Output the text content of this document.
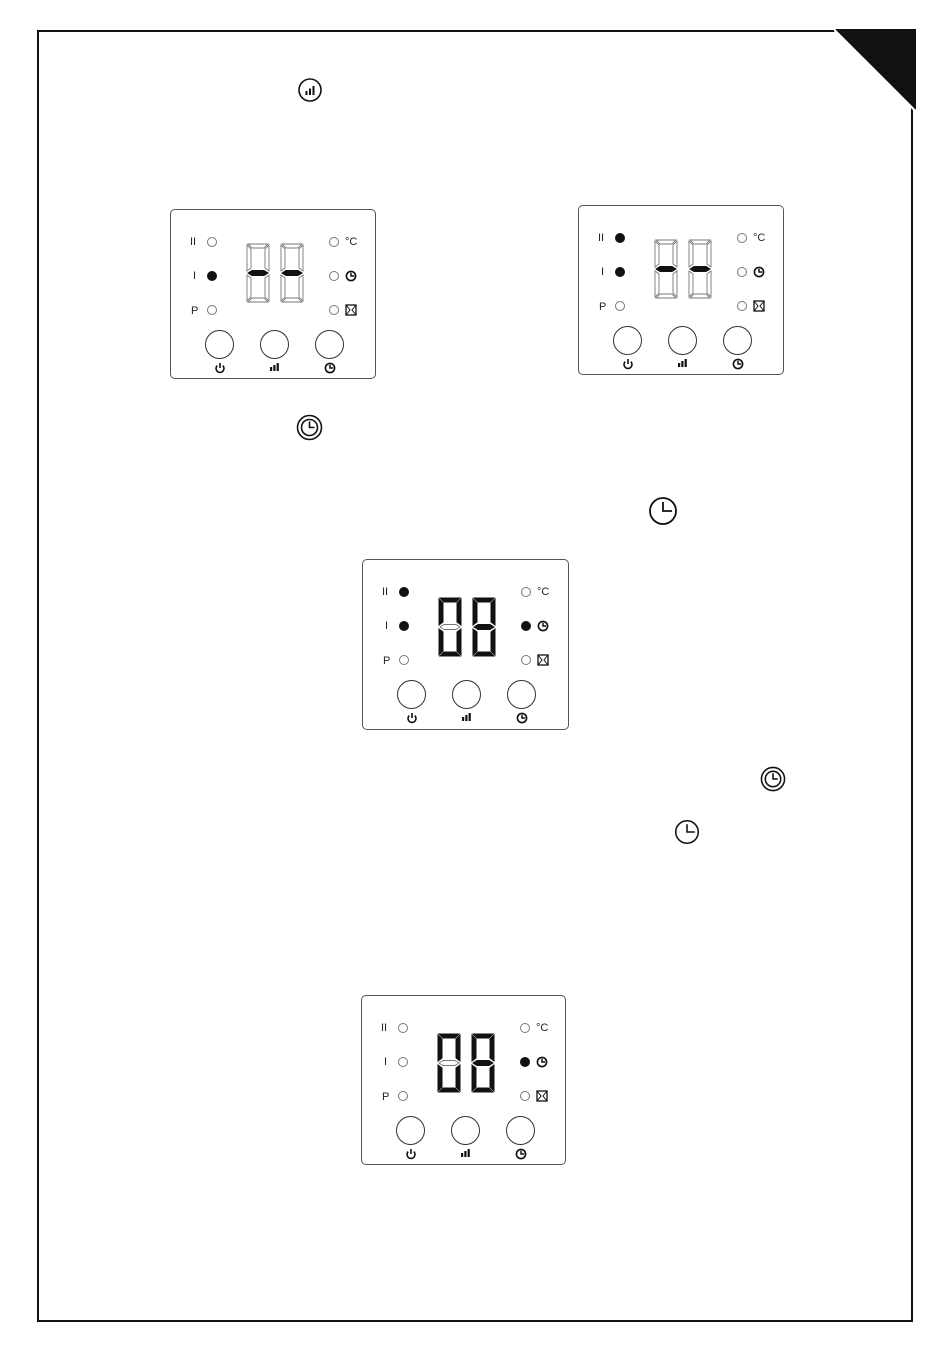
II
I
P
°C	II
I
P
°C
II
I
P
°C
II
I
P
°C
